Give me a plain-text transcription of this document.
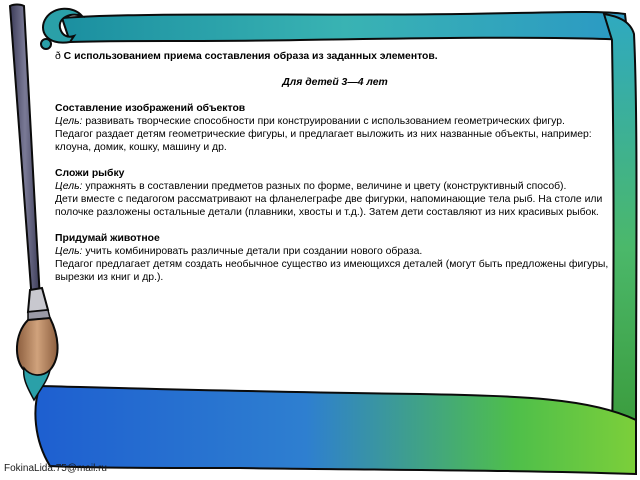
ð С использованием приема составления образа из заданных элементов.

Для детей 3—4 лет

Составление изображений объектов

Цель: развивать творческие способности при конструировании с использованием геометрических фигур.

Педагог раздает детям геометрические фигуры, и предлагает выложить из них названные объекты, например: клоуна, домик, кошку, машину и др.

Сложи рыбку

Цель: упражнять в составлении предметов разных по форме, величине и цвету (конструктивный способ).

Дети вместе с педагогом рассматривают на фланелеграфе две фигурки, напоминающие тела рыб. На столе или полочке разложены остальные детали (плавники, хвосты и т.д.). Затем дети составляют из них красивых рыбок.

Придумай животное

Цель: учить комбинировать различные детали при создании нового образа.

Педагог предлагает детям создать необычное существо из имеющихся деталей (могут быть предложены фигуры, вырезки из книг и др.).

FokinaLida.75@mail.ru
